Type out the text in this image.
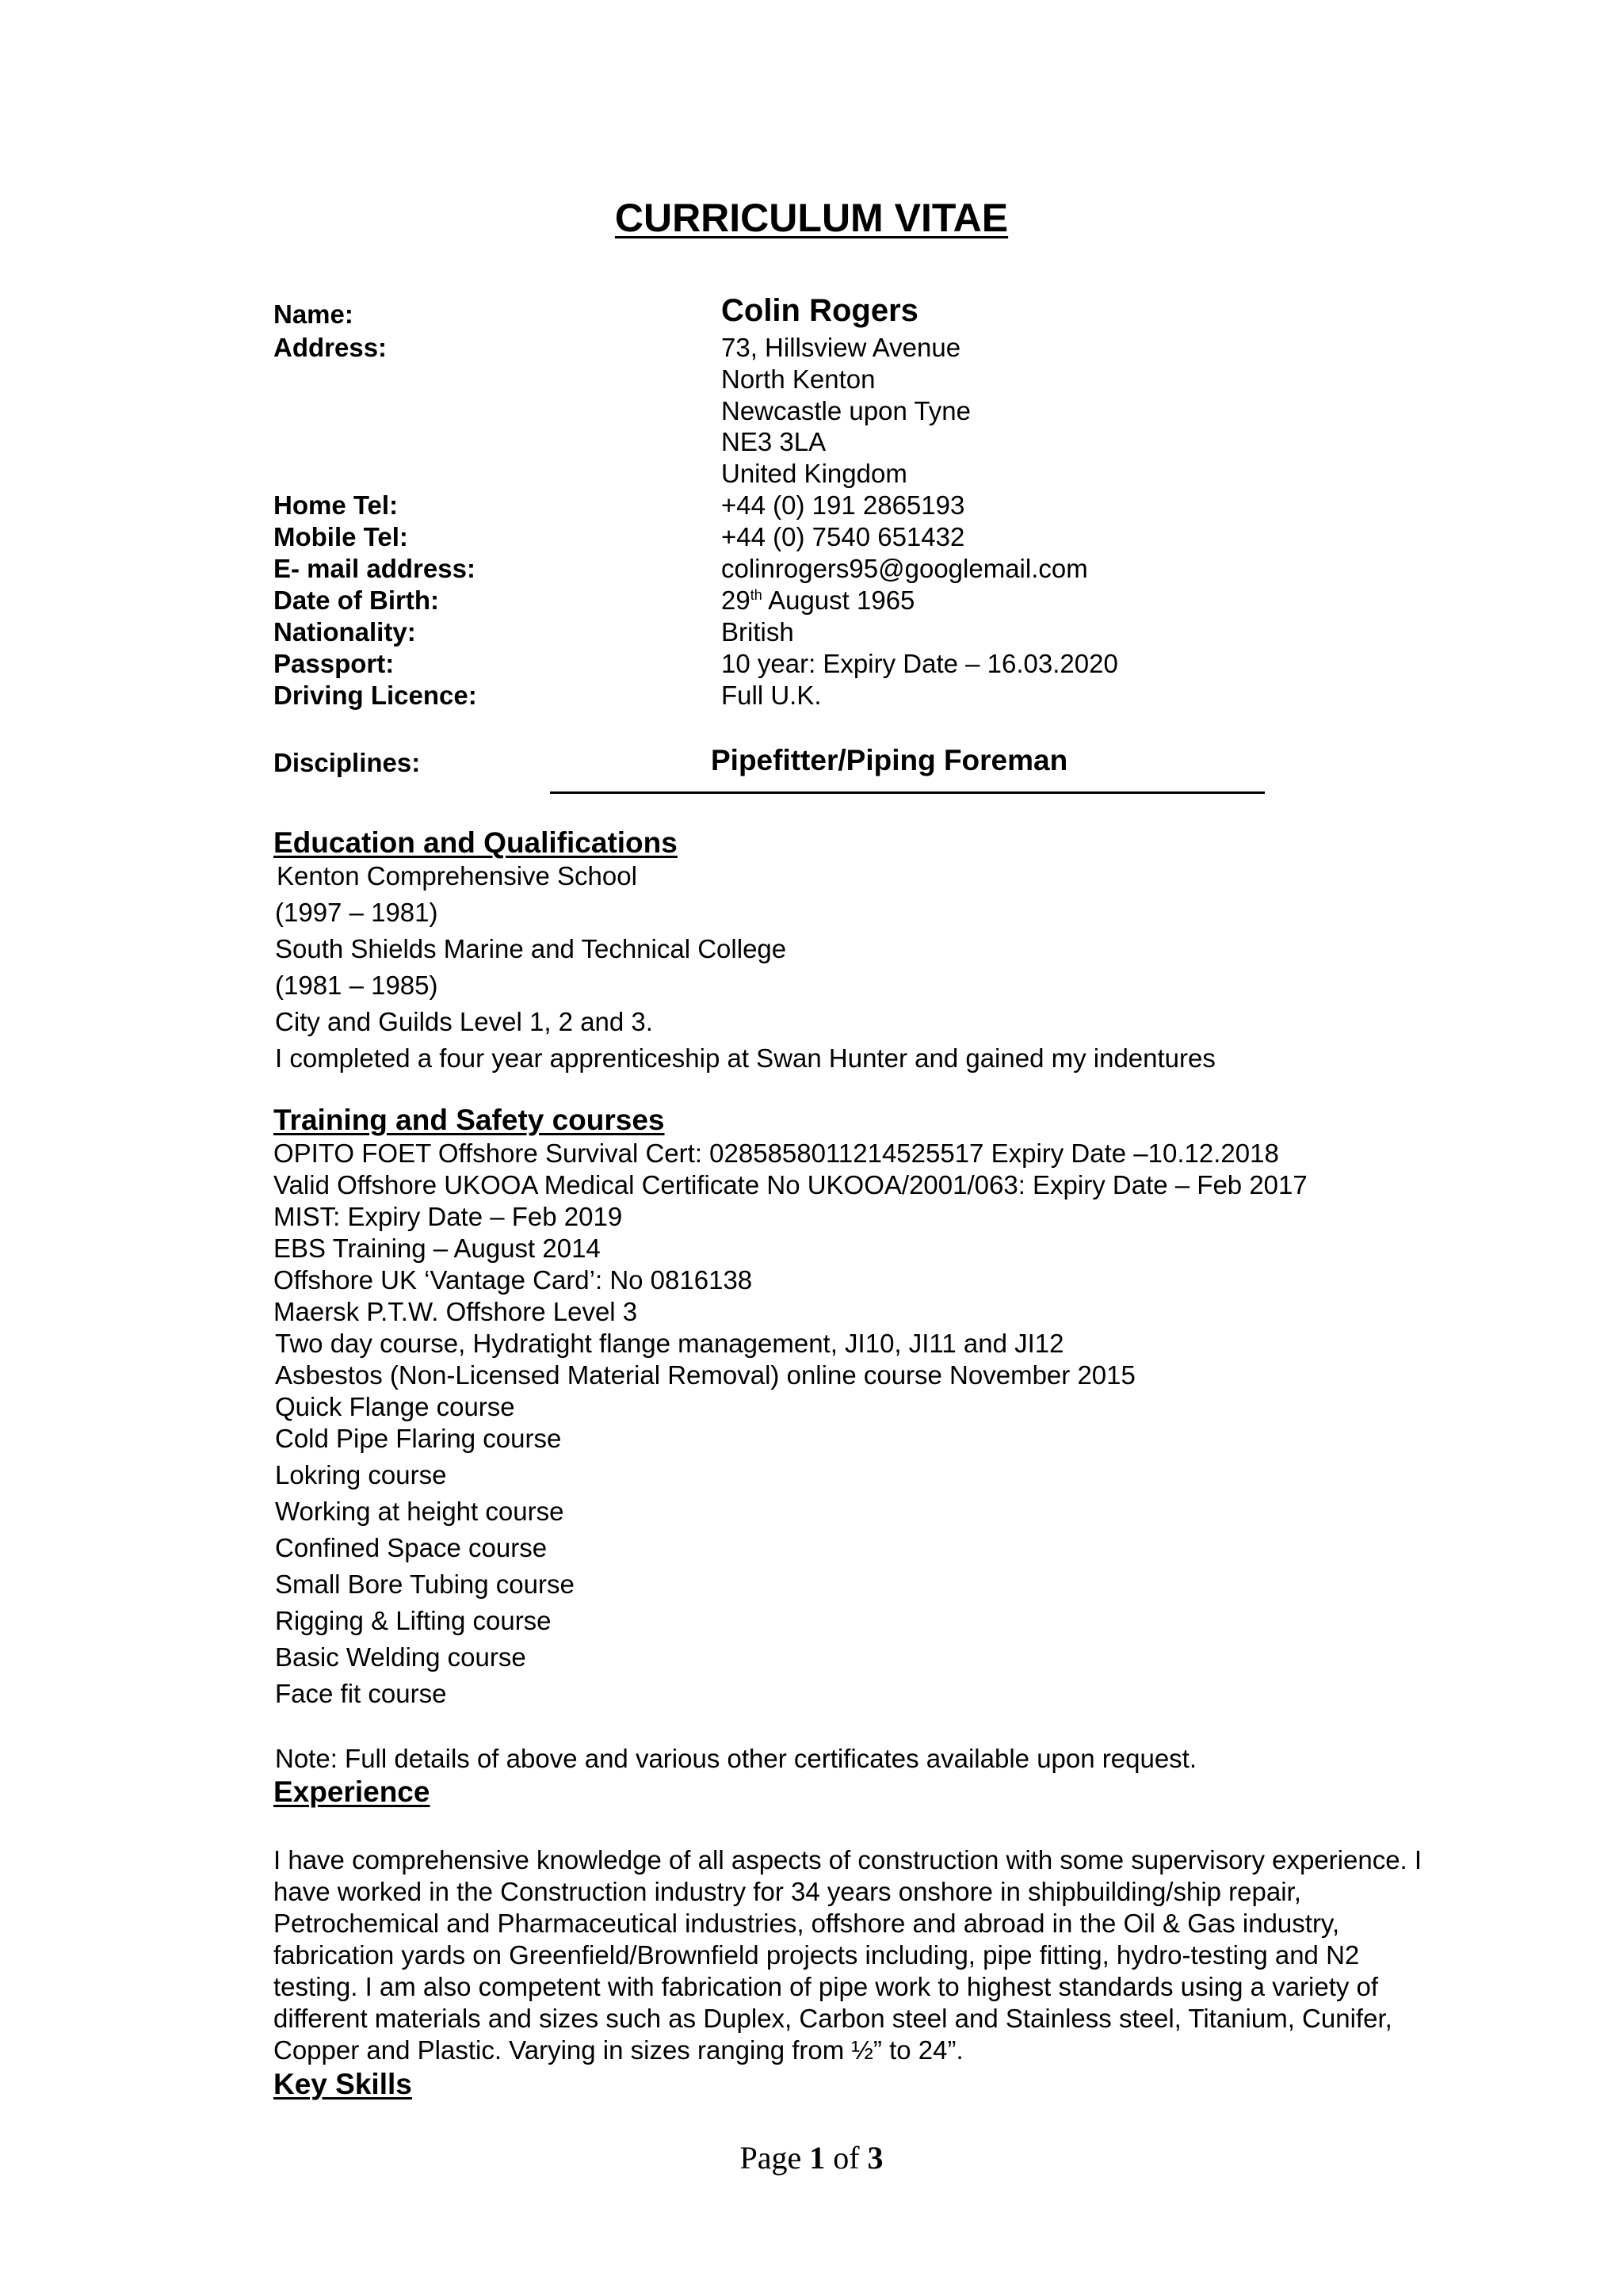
CURRICULUM VITAE
Name:	Colin Rogers
Address:	73, Hillsview Avenue
North Kenton
Newcastle upon Tyne
NE3 3LA
United Kingdom
Home Tel:	+44 (0) 191 2865193
Mobile Tel:	+44 (0) 7540 651432
E- mail address:	colinrogers95@googlemail.com
Date of Birth:	29th August 1965
Nationality:	British
Passport:	10 year: Expiry Date – 16.03.2020
Driving Licence:	Full U.K.
Disciplines:	Pipefitter/Piping Foreman
Education and Qualifications
Kenton Comprehensive School
(1997 – 1981)
South Shields Marine and Technical College
(1981 – 1985)
City and Guilds Level 1, 2 and 3.
I completed a four year apprenticeship at Swan Hunter and gained my indentures
Training and Safety courses
OPITO FOET Offshore Survival Cert: 0285858011214525517 Expiry Date –10.12.2018
Valid Offshore UKOOA Medical Certificate No UKOOA/2001/063: Expiry Date – Feb 2017
MIST: Expiry Date – Feb 2019
EBS Training – August 2014
Offshore UK ‘Vantage Card’: No 0816138
Maersk P.T.W. Offshore Level 3
Two day course, Hydratight flange management, JI10, JI11 and JI12
Asbestos (Non-Licensed Material Removal) online course November 2015
Quick Flange course
Cold Pipe Flaring course
Lokring course
Working at height course
Confined Space course
Small Bore Tubing course
Rigging & Lifting course
Basic Welding course
Face fit course
Note: Full details of above and various other certificates available upon request.
Experience
I have comprehensive knowledge of all aspects of construction with some supervisory experience. I
have worked in the Construction industry for 34 years onshore in shipbuilding/ship repair,
Petrochemical and Pharmaceutical industries, offshore and abroad in the Oil & Gas industry,
fabrication yards on Greenfield/Brownfield projects including, pipe fitting, hydro-testing and N2
testing. I am also competent with fabrication of pipe work to highest standards using a variety of
different materials and sizes such as Duplex, Carbon steel and Stainless steel, Titanium, Cunifer,
Copper and Plastic. Varying in sizes ranging from ½” to 24”.
Key Skills
Page 1 of 3
